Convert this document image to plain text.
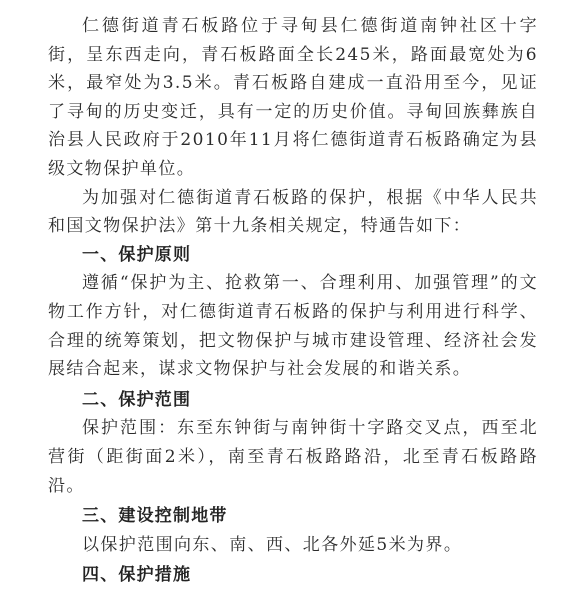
仁德街道青石板路位于寻甸县仁德街道南钟社区十字街，呈东西走向，青石板路面全长245米，路面最宽处为6米，最窄处为3.5米。青石板路自建成一直沿用至今，见证了寻甸的历史变迁，具有一定的历史价值。寻甸回族彝族自治县人民政府于2010年11月将仁德街道青石板路确定为县级文物保护单位。

为加强对仁德街道青石板路的保护，根据《中华人民共和国文物保护法》第十九条相关规定，特通告如下：

一、保护原则

遵循“保护为主、抢救第一、合理利用、加强管理”的文物工作方针，对仁德街道青石板路的保护与利用进行科学、合理的统筹策划，把文物保护与城市建设管理、经济社会发展结合起来，谋求文物保护与社会发展的和谐关系。

二、保护范围

保护范围：东至东钟街与南钟街十字路交叉点，西至北营街（距街面2米），南至青石板路路沿，北至青石板路路沿。

三、建设控制地带

以保护范围向东、南、西、北各外延5米为界。

四、保护措施
